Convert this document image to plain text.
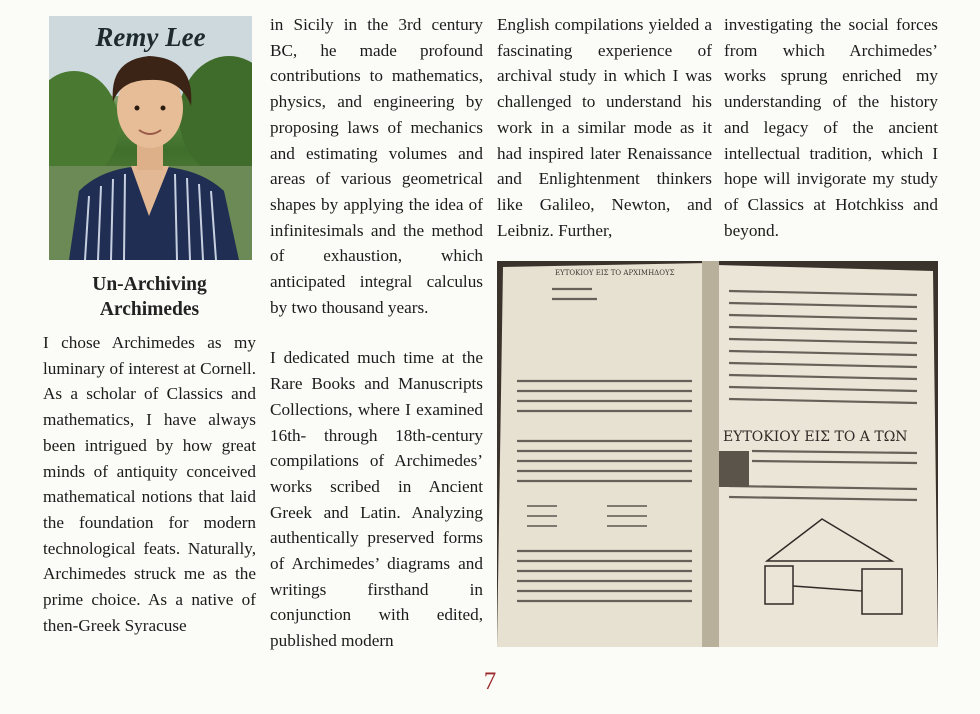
Remy Lee
Un-Archiving Archimedes
I chose Archimedes as my luminary of interest at Cornell. As a scholar of Classics and mathematics, I have always been intrigued by how great minds of antiquity conceived mathematical notions that laid the foundation for modern technological feats. Naturally, Archimedes struck me as the prime choice. As a native of then-Greek Syracuse

in Sicily in the 3rd century BC, he made profound contributions to mathematics, physics, and engineering by proposing laws of mechanics and estimating volumes and areas of various geometrical shapes by applying the idea of infinitesimals and the method of exhaustion, which anticipated integral calculus by two thousand years.

I dedicated much time at the Rare Books and Manuscripts Collections, where I examined 16th- through 18th-century compilations of Archimedes’ works scribed in Ancient Greek and Latin. Analyzing authentically preserved forms of Archimedes’ diagrams and writings firsthand in conjunction with edited, published modern

English compilations yielded a fascinating experience of archival study in which I was challenged to understand his work in a similar mode as it had inspired later Renaissance and Enlightenment thinkers like Galileo, Newton, and Leibniz. Further,

investigating the social forces from which Archimedes’ works sprung enriched my understanding of the history and legacy of the ancient intellectual tradition, which I hope will invigorate my study of Classics at Hotchkiss and beyond.

ΕΥΤΟΚΙΟΥ ΕΙΣ ΤΟ ΑΡΧΙΜΗΔΟΥΣ
ΕΥΤΟΚΙΟΥ ΕΙΣ ΤΟ Α ΤΩΝ
7
